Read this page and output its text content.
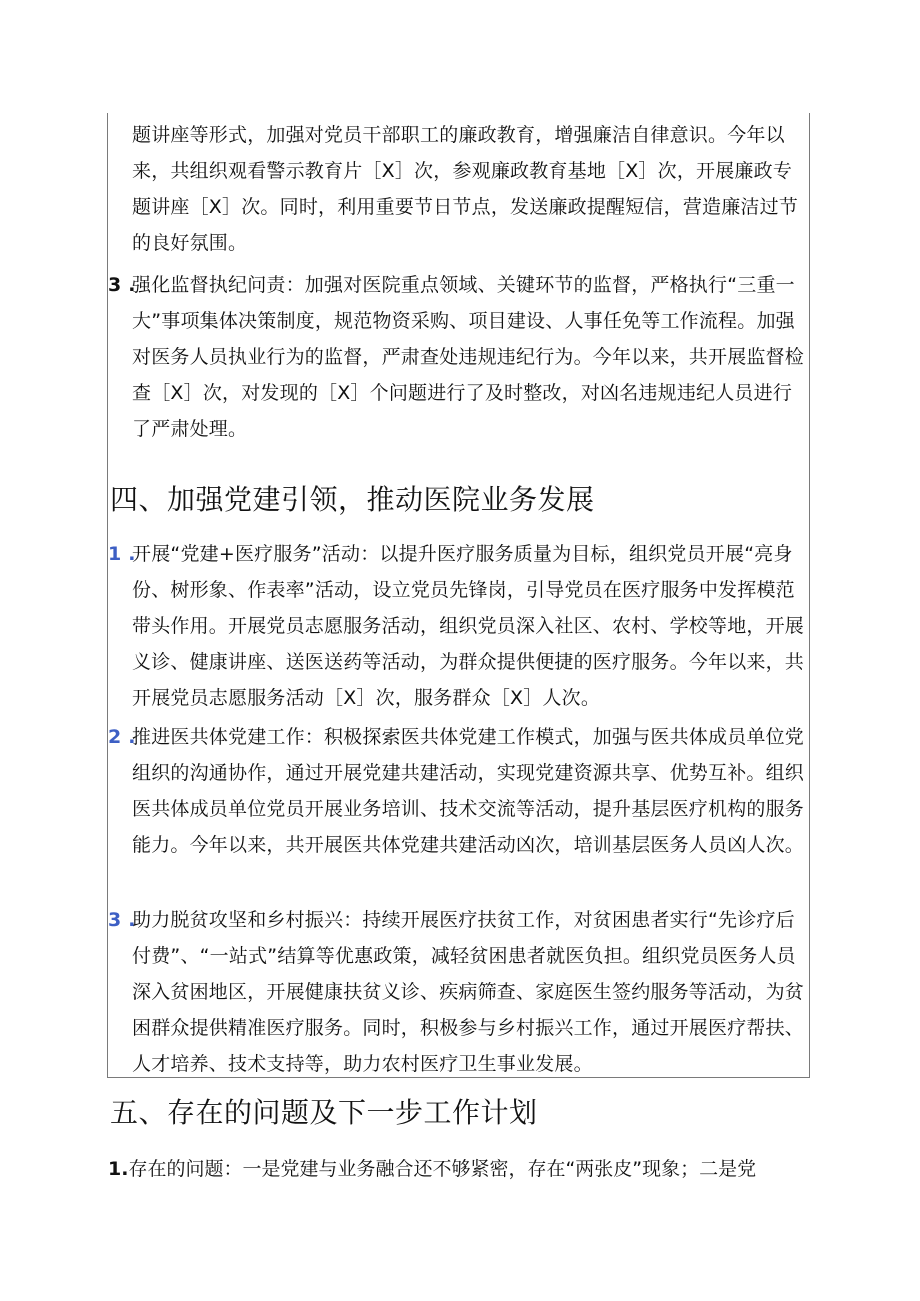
题讲座等形式，加强对党员干部职工的廉政教育，增强廉洁自律意识。今年以来，共组织观看警示教育片［X］次，参观廉政教育基地［X］次，开展廉政专题讲座［X］次。同时，利用重要节日节点，发送廉政提醒短信，营造廉洁过节的良好氛围。

3 .
强化监督执纪问责：加强对医院重点领域、关键环节的监督，严格执行“三重一大”事项集体决策制度，规范物资采购、项目建设、人事任免等工作流程。加强对医务人员执业行为的监督，严肃查处违规违纪行为。今年以来，共开展监督检查［X］次，对发现的［X］个问题进行了及时整改，对凶名违规违纪人员进行了严肃处理。
四、加强党建引领，推动医院业务发展
1 .
开展“党建+医疗服务”活动：以提升医疗服务质量为目标，组织党员开展“亮身份、树形象、作表率”活动，设立党员先锋岗，引导党员在医疗服务中发挥模范带头作用。开展党员志愿服务活动，组织党员深入社区、农村、学校等地，开展义诊、健康讲座、送医送药等活动，为群众提供便捷的医疗服务。今年以来，共开展党员志愿服务活动［X］次，服务群众［X］人次。
2 .
推进医共体党建工作：积极探索医共体党建工作模式，加强与医共体成员单位党组织的沟通协作，通过开展党建共建活动，实现党建资源共享、优势互补。组织医共体成员单位党员开展业务培训、技术交流等活动，提升基层医疗机构的服务能力。今年以来，共开展医共体党建共建活动凶次，培训基层医务人员凶人次。
3 .
助力脱贫攻坚和乡村振兴：持续开展医疗扶贫工作，对贫困患者实行“先诊疗后付费”、“一站式”结算等优惠政策，减轻贫困患者就医负担。组织党员医务人员深入贫困地区，开展健康扶贫义诊、疾病筛查、家庭医生签约服务等活动，为贫困群众提供精准医疗服务。同时，积极参与乡村振兴工作，通过开展医疗帮扶、人才培养、技术支持等，助力农村医疗卫生事业发展。
五、存在的问题及下一步工作计划

1.存在的问题：一是党建与业务融合还不够紧密，存在“两张皮”现象；二是党
